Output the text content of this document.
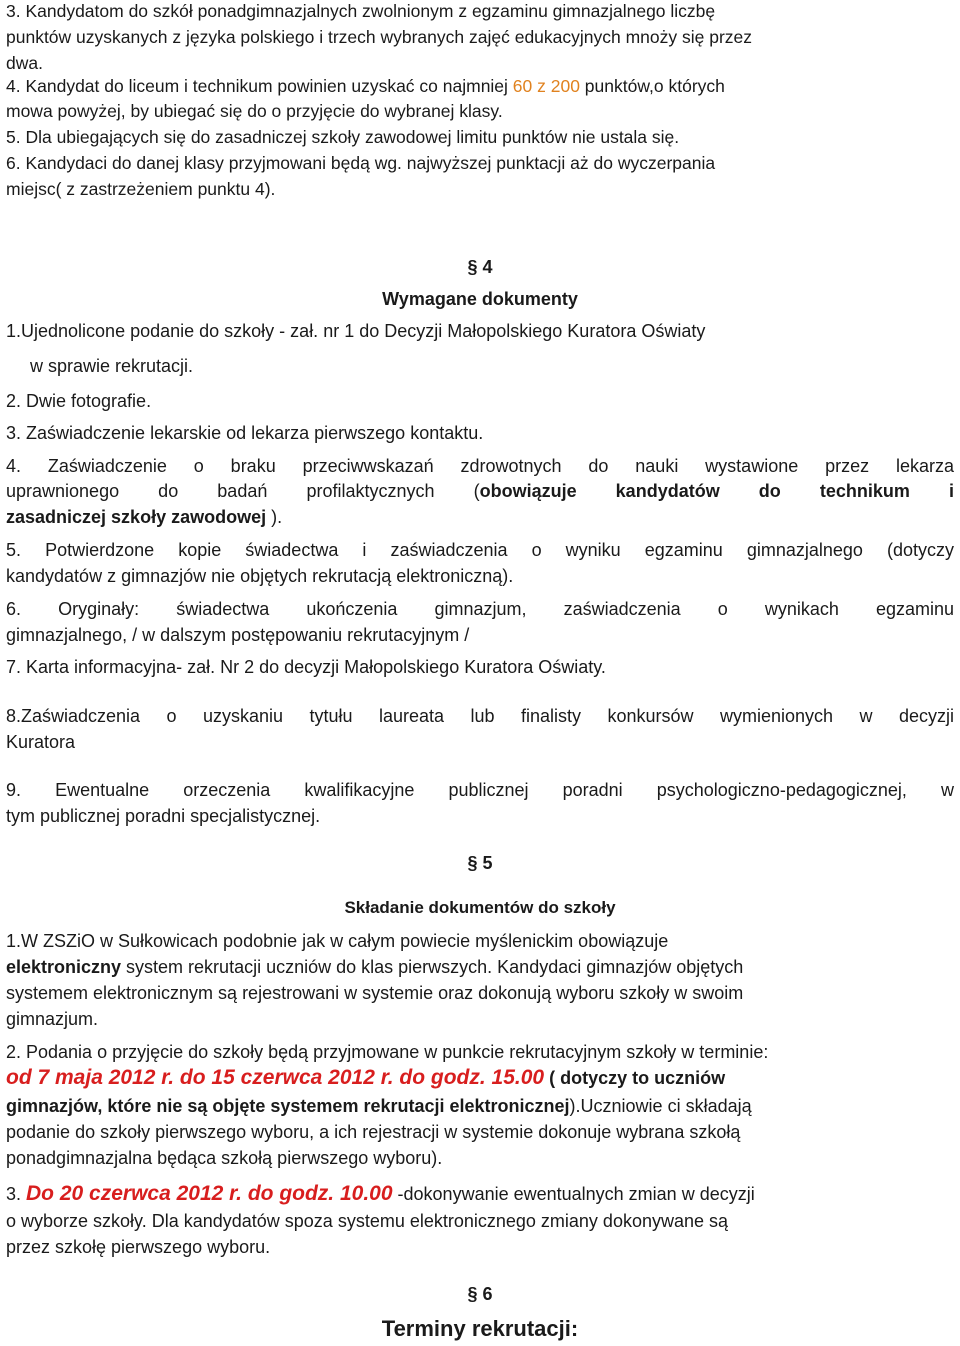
3. Kandydatom do szkół ponadgimnazjalnych zwolnionym z egzaminu gimnazjalnego liczbę
punktów uzyskanych z języka polskiego i trzech wybranych zajęć edukacyjnych mnoży się przez
dwa.
4. Kandydat do liceum i technikum powinien uzyskać co najmniej 60 z 200 punktów,o których
mowa powyżej, by ubiegać się do o przyjęcie do wybranej klasy.
5. Dla ubiegających się do zasadniczej szkoły zawodowej limitu punktów nie ustala się.
6. Kandydaci do danej klasy przyjmowani będą wg. najwyższej punktacji aż do wyczerpania
miejsc( z zastrzeżeniem punktu 4).
§ 4
Wymagane dokumenty
1.Ujednolicone podanie do szkoły - zał. nr 1 do Decyzji Małopolskiego Kuratora Oświaty
w sprawie rekrutacji.
2. Dwie fotografie.
3. Zaświadczenie lekarskie od lekarza pierwszego kontaktu.
4. Zaświadczenie o braku przeciwwskazań zdrowotnych do nauki wystawione przez lekarza
uprawnionego do badań profilaktycznych (obowiązuje kandydatów do technikum i
zasadniczej szkoły zawodowej ).
5. Potwierdzone kopie świadectwa i zaświadczenia o wyniku egzaminu gimnazjalnego (dotyczy
kandydatów z gimnazjów nie objętych rekrutacją elektroniczną).
6. Oryginały: świadectwa ukończenia gimnazjum, zaświadczenia o wynikach egzaminu
gimnazjalnego, / w dalszym postępowaniu rekrutacyjnym /
7. Karta informacyjna- zał. Nr 2 do decyzji Małopolskiego Kuratora Oświaty.
8.Zaświadczenia o uzyskaniu tytułu laureata lub finalisty konkursów wymienionych w decyzji
Kuratora
9. Ewentualne orzeczenia kwalifikacyjne publicznej poradni psychologiczno-pedagogicznej, w
tym publicznej poradni specjalistycznej.
§ 5
Składanie dokumentów do szkoły
1.W ZSZiO w Sułkowicach podobnie jak w całym powiecie myślenickim obowiązuje
elektroniczny system rekrutacji uczniów do klas pierwszych. Kandydaci gimnazjów objętych
systemem elektronicznym są rejestrowani w systemie oraz dokonują wyboru szkoły w swoim
gimnazjum.
2. Podania o przyjęcie do szkoły będą przyjmowane w punkcie rekrutacyjnym szkoły w terminie:
od 7 maja 2012 r. do 15 czerwca 2012 r. do godz. 15.00 ( dotyczy to uczniów
gimnazjów, które nie są objęte systemem rekrutacji elektronicznej).Uczniowie ci składają
podanie do szkoły pierwszego wyboru, a ich rejestracji w systemie dokonuje wybrana szkołą
ponadgimnazjalna będąca szkołą pierwszego wyboru).
3. Do 20 czerwca 2012 r. do godz. 10.00 -dokonywanie ewentualnych zmian w decyzji
o wyborze szkoły. Dla kandydatów spoza systemu elektronicznego zmiany dokonywane są
przez szkołę pierwszego wyboru.
§ 6
Terminy rekrutacji:
